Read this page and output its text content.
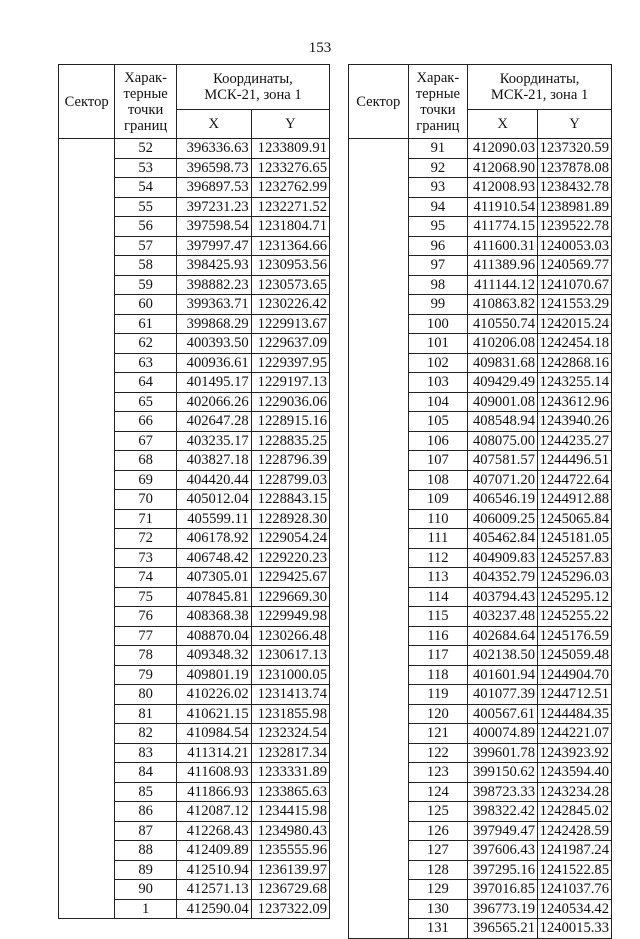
153
Сектор	Харак-
терные
точки
границ	Координаты,
МСК-21, зона 1	
		X	Y
	52	396336.63	1233809.91
	53	396598.73	1233276.65
	54	396897.53	1232762.99
	55	397231.23	1232271.52
	56	397598.54	1231804.71
	57	397997.47	1231364.66
	58	398425.93	1230953.56
	59	398882.23	1230573.65
	60	399363.71	1230226.42
	61	399868.29	1229913.67
	62	400393.50	1229637.09
	63	400936.61	1229397.95
	64	401495.17	1229197.13
	65	402066.26	1229036.06
	66	402647.28	1228915.16
	67	403235.17	1228835.25
	68	403827.18	1228796.39
	69	404420.44	1228799.03
	70	405012.04	1228843.15
	71	405599.11	1228928.30
	72	406178.92	1229054.24
	73	406748.42	1229220.23
	74	407305.01	1229425.67
	75	407845.81	1229669.30
	76	408368.38	1229949.98
	77	408870.04	1230266.48
	78	409348.32	1230617.13
	79	409801.19	1231000.05
	80	410226.02	1231413.74
	81	410621.15	1231855.98
	82	410984.54	1232324.54
	83	411314.21	1232817.34
	84	411608.93	1233331.89
	85	411866.93	1233865.63
	86	412087.12	1234415.98
	87	412268.43	1234980.43
	88	412409.89	1235555.96
	89	412510.94	1236139.97
	90	412571.13	1236729.68
	1	412590.04	1237322.09
Сектор	Харак-
терные
точки
границ	Координаты,
МСК-21, зона 1	
		X	Y
	91	412090.03	1237320.59
	92	412068.90	1237878.08
	93	412008.93	1238432.78
	94	411910.54	1238981.89
	95	411774.15	1239522.78
	96	411600.31	1240053.03
	97	411389.96	1240569.77
	98	411144.12	1241070.67
	99	410863.82	1241553.29
	100	410550.74	1242015.24
	101	410206.08	1242454.18
	102	409831.68	1242868.16
	103	409429.49	1243255.14
	104	409001.08	1243612.96
	105	408548.94	1243940.26
	106	408075.00	1244235.27
	107	407581.57	1244496.51
	108	407071.20	1244722.64
	109	406546.19	1244912.88
	110	406009.25	1245065.84
	111	405462.84	1245181.05
	112	404909.83	1245257.83
	113	404352.79	1245296.03
	114	403794.43	1245295.12
	115	403237.48	1245255.22
	116	402684.64	1245176.59
	117	402138.50	1245059.48
	118	401601.94	1244904.70
	119	401077.39	1244712.51
	120	400567.61	1244484.35
	121	400074.89	1244221.07
	122	399601.78	1243923.92
	123	399150.62	1243594.40
	124	398723.33	1243234.28
	125	398322.42	1242845.02
	126	397949.47	1242428.59
	127	397606.43	1241987.24
	128	397295.16	1241522.85
	129	397016.85	1241037.76
	130	396773.19	1240534.42
	131	396565.21	1240015.33
